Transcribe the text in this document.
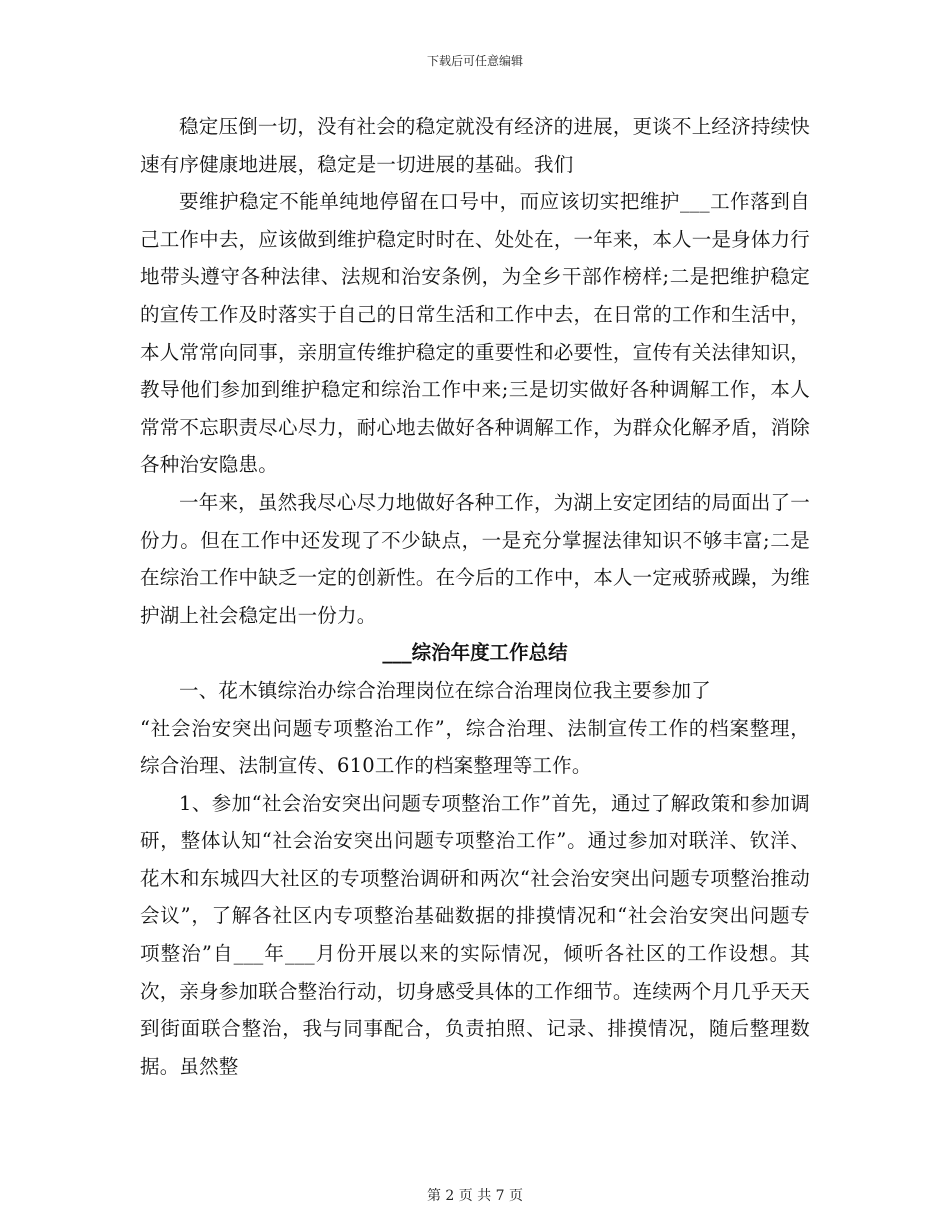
下载后可任意编辑

稳定压倒一切，没有社会的稳定就没有经济的进展，更谈不上经济持续快速有序健康地进展，稳定是一切进展的基础。我们

要维护稳定不能单纯地停留在口号中，而应该切实把维护___工作落到自己工作中去，应该做到维护稳定时时在、处处在，一年来，本人一是身体力行地带头遵守各种法律、法规和治安条例，为全乡干部作榜样;二是把维护稳定的宣传工作及时落实于自己的日常生活和工作中去，在日常的工作和生活中，本人常常向同事，亲朋宣传维护稳定的重要性和必要性，宣传有关法律知识，教导他们参加到维护稳定和综治工作中来;三是切实做好各种调解工作，本人常常不忘职责尽心尽力，耐心地去做好各种调解工作，为群众化解矛盾，消除各种治安隐患。

一年来，虽然我尽心尽力地做好各种工作，为湖上安定团结的局面出了一份力。但在工作中还发现了不少缺点，一是充分掌握法律知识不够丰富;二是在综治工作中缺乏一定的创新性。在今后的工作中，本人一定戒骄戒躁，为维护湖上社会稳定出一份力。

___综治年度工作总结

一、花木镇综治办综合治理岗位在综合治理岗位我主要参加了

“社会治安突出问题专项整治工作”，综合治理、法制宣传工作的档案整理，综合治理、法制宣传、610工作的档案整理等工作。

1、参加“社会治安突出问题专项整治工作”首先，通过了解政策和参加调研，整体认知“社会治安突出问题专项整治工作”。通过参加对联洋、钦洋、花木和东城四大社区的专项整治调研和两次“社会治安突出问题专项整治推动会议”，了解各社区内专项整治基础数据的排摸情况和“社会治安突出问题专项整治”自___年___月份开展以来的实际情况，倾听各社区的工作设想。其次，亲身参加联合整治行动，切身感受具体的工作细节。连续两个月几乎天天到街面联合整治，我与同事配合，负责拍照、记录、排摸情况，随后整理数据。虽然整

第 2 页 共 7 页
